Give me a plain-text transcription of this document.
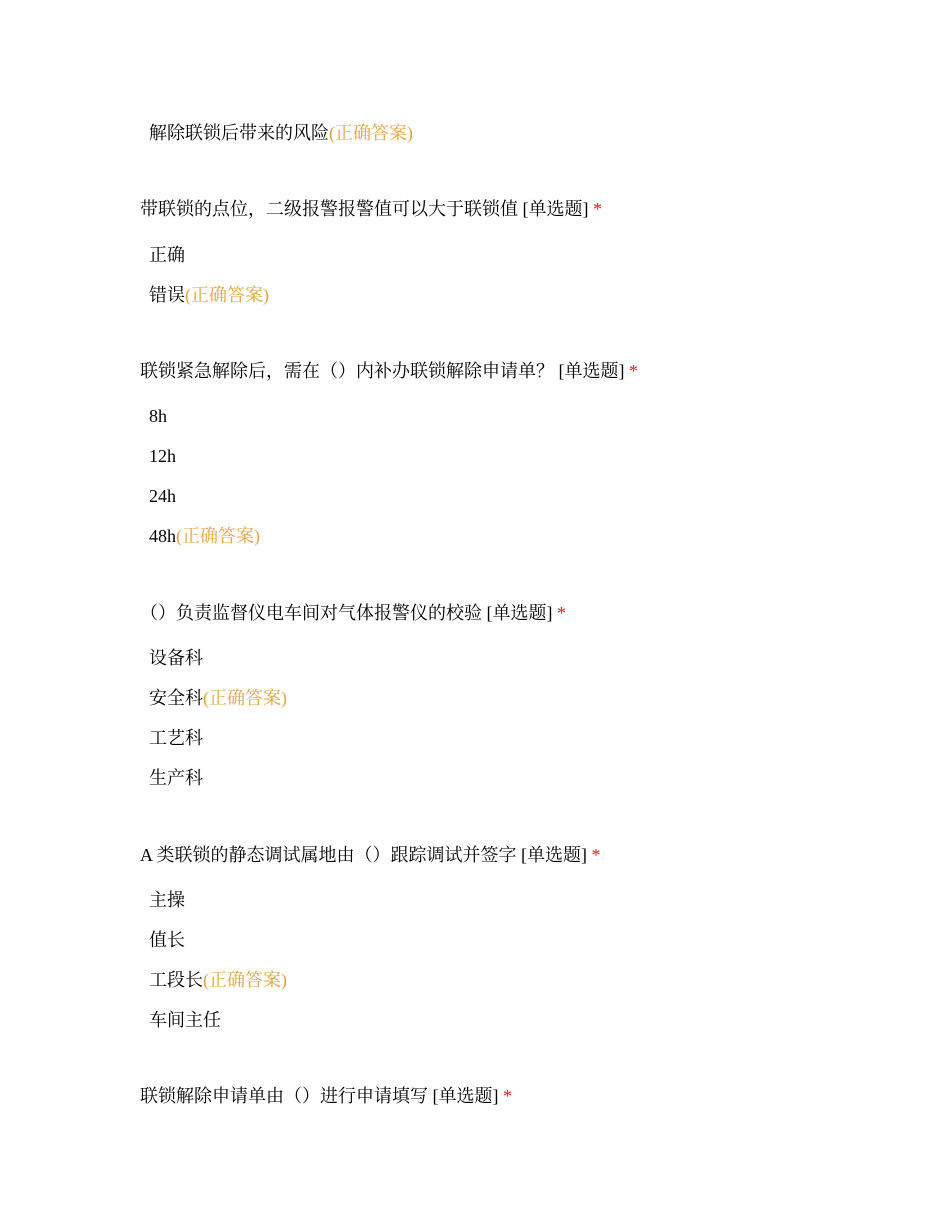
解除联锁后带来的风险(正确答案)
带联锁的点位，二级报警报警值可以大于联锁值 [单选题] *
正确
错误(正确答案)
联锁紧急解除后，需在（）内补办联锁解除申请单？ [单选题] *
8h
12h
24h
48h(正确答案)
（）负责监督仪电车间对气体报警仪的校验 [单选题] *
设备科
安全科(正确答案)
工艺科
生产科
A 类联锁的静态调试属地由（）跟踪调试并签字 [单选题] *
主操
值长
工段长(正确答案)
车间主任
联锁解除申请单由（）进行申请填写 [单选题] *
